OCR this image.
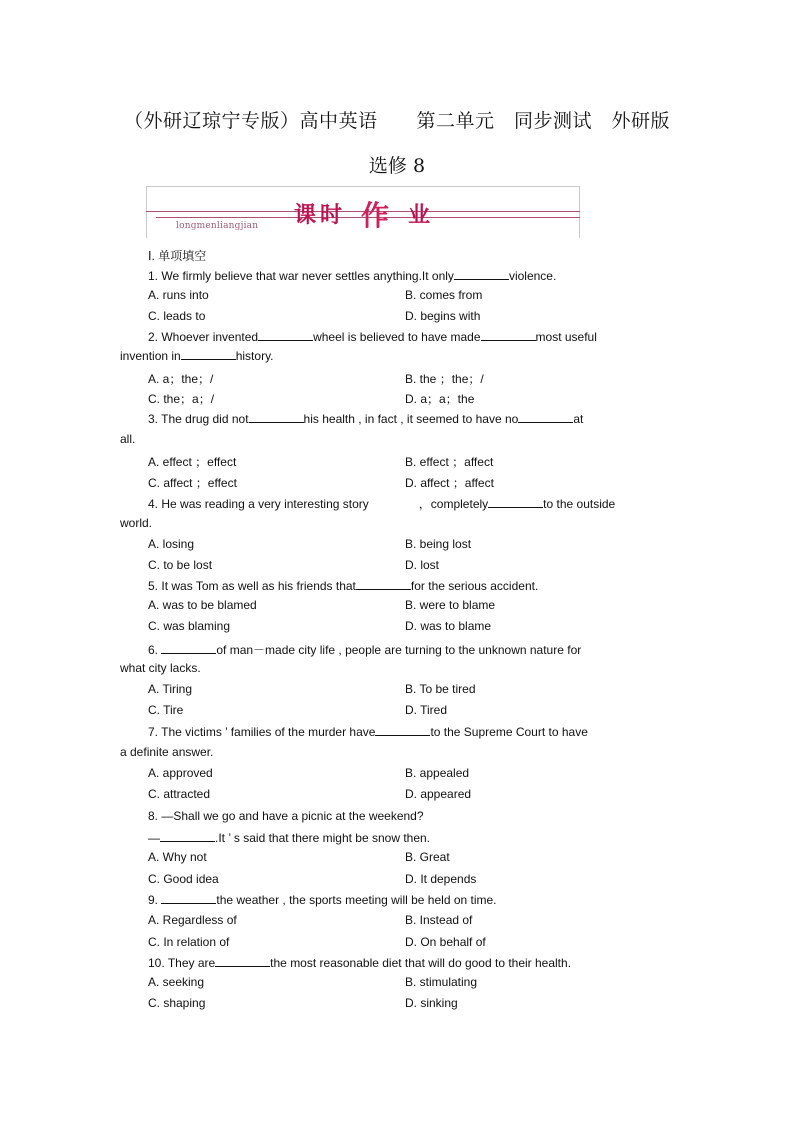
（外研辽琼宁专版）高中英语　　第二单元　同步测试　外研版
选修 8
longmenliangjian 课 时 作 业
Ⅰ. 单项填空
1. We firmly believe that war never settles anything.It only	violence.
A. runs into	B. comes from
C. leads to	D. begins with
2. Whoever invented	wheel is believed to have made	most useful
invention in	history.
A. a；the；/	B. the ；the；/
C. the；a；/	D. a；a；the
3. The drug did not	his health , in fact , it seemed to have no	at
all.
A. effect ；effect	B. effect ；affect
C. affect ；effect	D. affect ；affect
4. He was reading a very interesting story	，completely	to the outside
world.
A. losing	B. being lost
C. to be lost	D. lost
5. It was Tom as well as his friends that	for the serious accident.
A. was to be blamed	B. were to blame
C. was blaming	D. was to blame
6.	of man－made city life , people are turning to the unknown nature for
what city lacks.
A. Tiring	B. To be tired
C. Tire	D. Tired
7. The victims ’ families of the murder have	to the Supreme Court to have
a definite answer.
A. approved	B. appealed
C. attracted	D. appeared
8. —Shall we go and have a picnic at the weekend?
—	.It ’ s said that there might be snow then.
A. Why not	B. Great
C. Good idea	D. It depends
9.	the weather , the sports meeting will be held on time.
A. Regardless of	B. Instead of
C. In relation of	D. On behalf of
10. They are	the most reasonable diet that will do good to their health.
A. seeking	B. stimulating
C. shaping	D. sinking
